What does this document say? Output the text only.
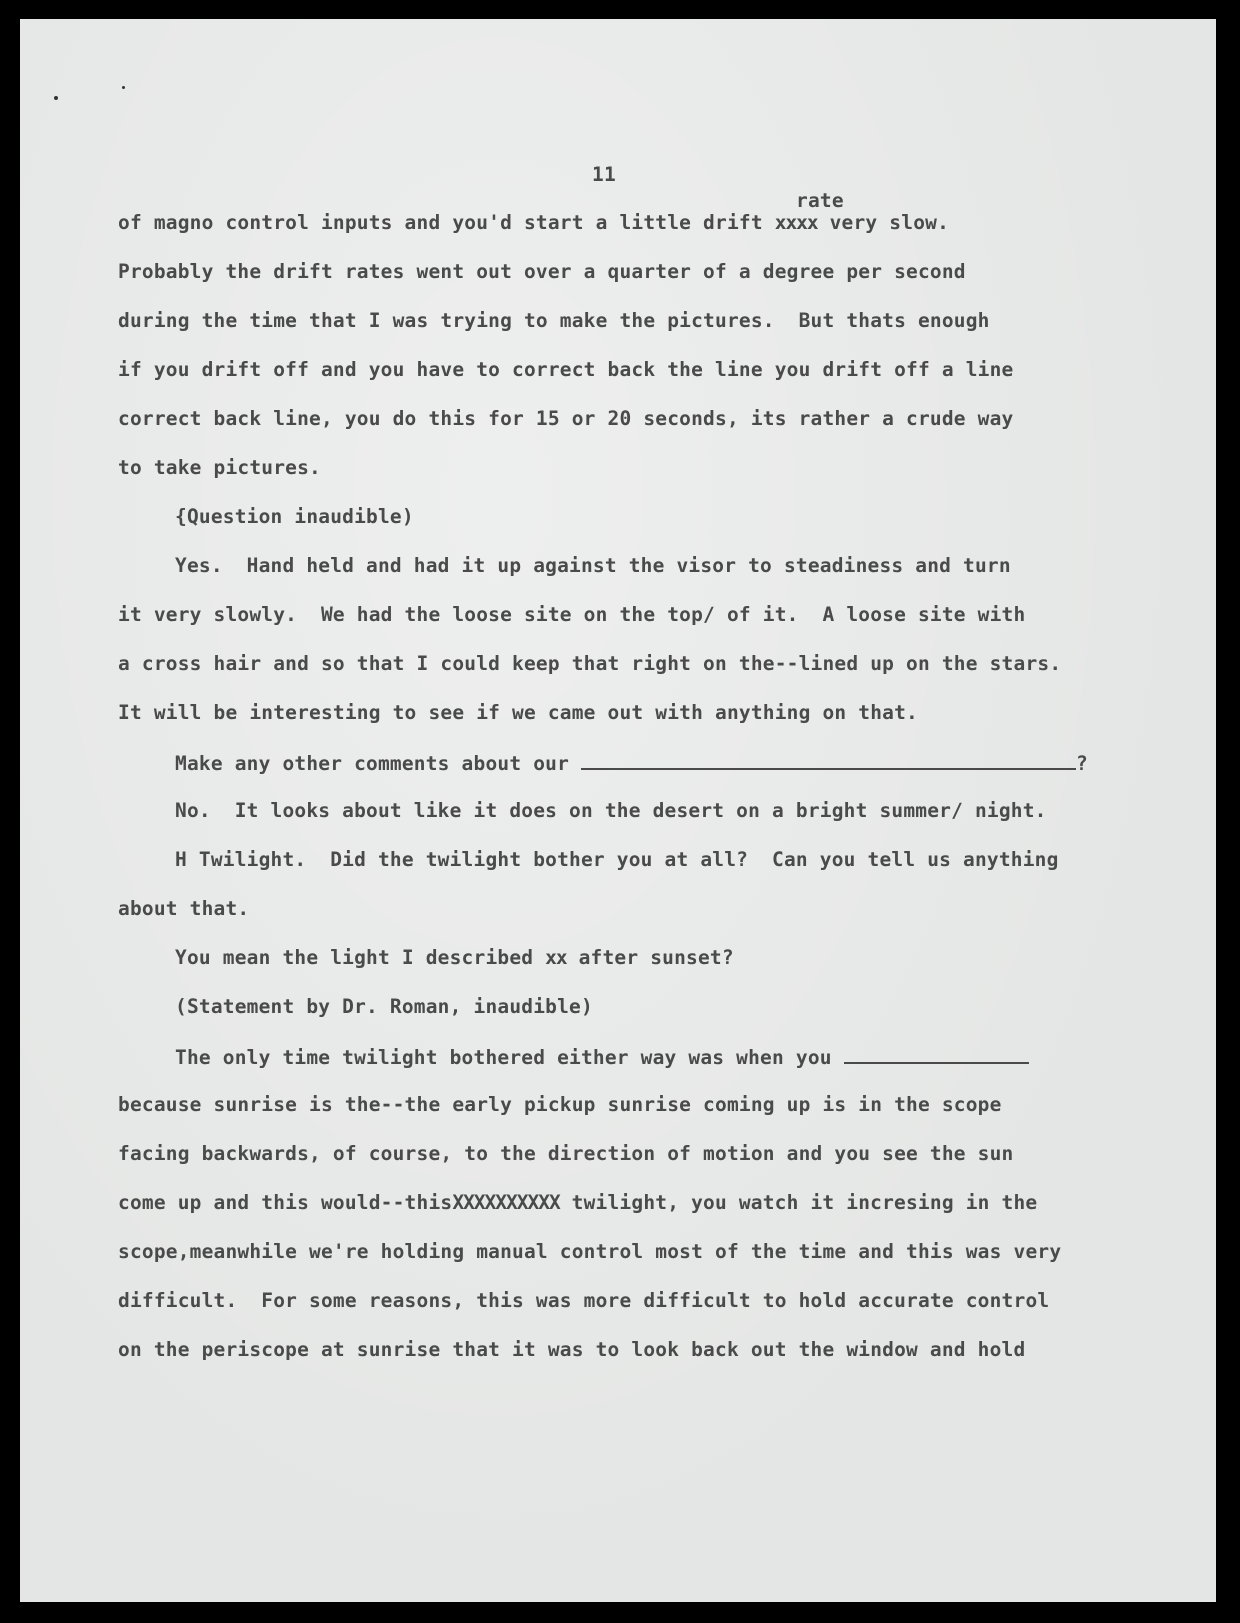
11
rate
of magno control inputs and you'd start a little drift xxxx very slow.
Probably the drift rates went out over a quarter of a degree per second
during the time that I was trying to make the pictures.  But thats enough
if you drift off and you have to correct back the line you drift off a line
correct back line, you do this for 15 or 20 seconds, its rather a crude way
to take pictures.
{Question inaudible)
Yes.  Hand held and had it up against the visor to steadiness and turn
it very slowly.  We had the loose site on the top∕ of it.  A loose site with
a cross hair and so that I could keep that right on the--lined up on the stars.
It will be interesting to see if we came out with anything on that.
Make any other comments about our	?
No.  It looks about like it does on the desert on a bright summer∕ night.
H Twilight.  Did the twilight bother you at all?  Can you tell us anything
about that.
You mean the light I described xx after sunset?
(Statement by Dr. Roman, inaudible)
The only time twilight bothered either way was when you
because sunrise is the--the early pickup sunrise coming up is in the scope
facing backwards, of course, to the direction of motion and you see the sun
come up and this would--thisXXXXXXXXXX twilight, you watch it incresing in the
scope,meanwhile we're holding manual control most of the time and this was very
difficult.  For some reasons, this was more difficult to hold accurate control
on the periscope at sunrise that it was to look back out the window and hold
